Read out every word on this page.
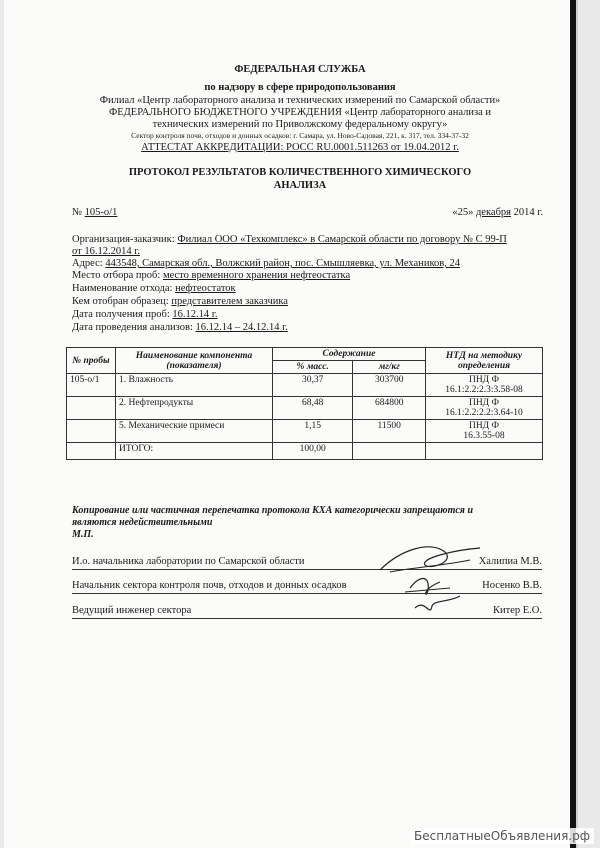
ФЕДЕРАЛЬНАЯ СЛУЖБА
по надзору в сфере природопользования
Филиал «Центр лабораторного анализа и технических измерений по Самарской области»
ФЕДЕРАЛЬНОГО БЮДЖЕТНОГО УЧРЕЖДЕНИЯ «Центр лабораторного анализа и
технических измерений по Приволжскому федеральному округу»
Сектор контроля почв, отходов и донных осадков: г. Самара, ул. Ново-Садовая, 221, к. 317, тел. 334-37-32
АТТЕСТАТ АККРЕДИТАЦИИ: РОСС RU.0001.511263 от 19.04.2012 г.
ПРОТОКОЛ РЕЗУЛЬТАТОВ КОЛИЧЕСТВЕННОГО ХИМИЧЕСКОГО
АНАЛИЗА
№ 105-о/1	«25» декабря 2014 г.
Организация-заказчик: Филиал ООО «Техкомплекс» в Самарской области по договору № С 99-П
от 16.12.2014 г.
Адрес: 443548, Самарская обл., Волжский район, пос. Смышляевка, ул. Механиков, 24
Место отбора проб: место временного хранения нефтеостатка
Наименование отхода: нефтеостаток
Кем отобран образец: представителем заказчика
Дата получения проб: 16.12.14 г.
Дата проведения анализов: 16.12.14 – 24.12.14 г.
№ пробы	Наименование компонента (показателя)	Содержание		НТД на методику определения
		% масс.	мг/кг	
105-о/1	1. Влажность	30,37	303700	ПНД Ф
16.1:2.2:2.3:3.58-08

	2. Нефтепродукты	68,48	684800	ПНД Ф
16.1:2.2:2.2:3.64-10

	5. Механические примеси	1,15	11500	ПНД Ф
16.3.55-08

	ИТОГО:	100,00		
Копирование или частичная перепечатка протокола КХА категорически запрещаются и
являются недействительными
М.П.
И.о. начальника лаборатории по Самарской области	Халипиа М.В.
Начальник сектора контроля почв, отходов и донных осадков	Носенко В.В.
Ведущий инженер сектора	Китер Е.О.
БесплатныеОбъявления.рф
